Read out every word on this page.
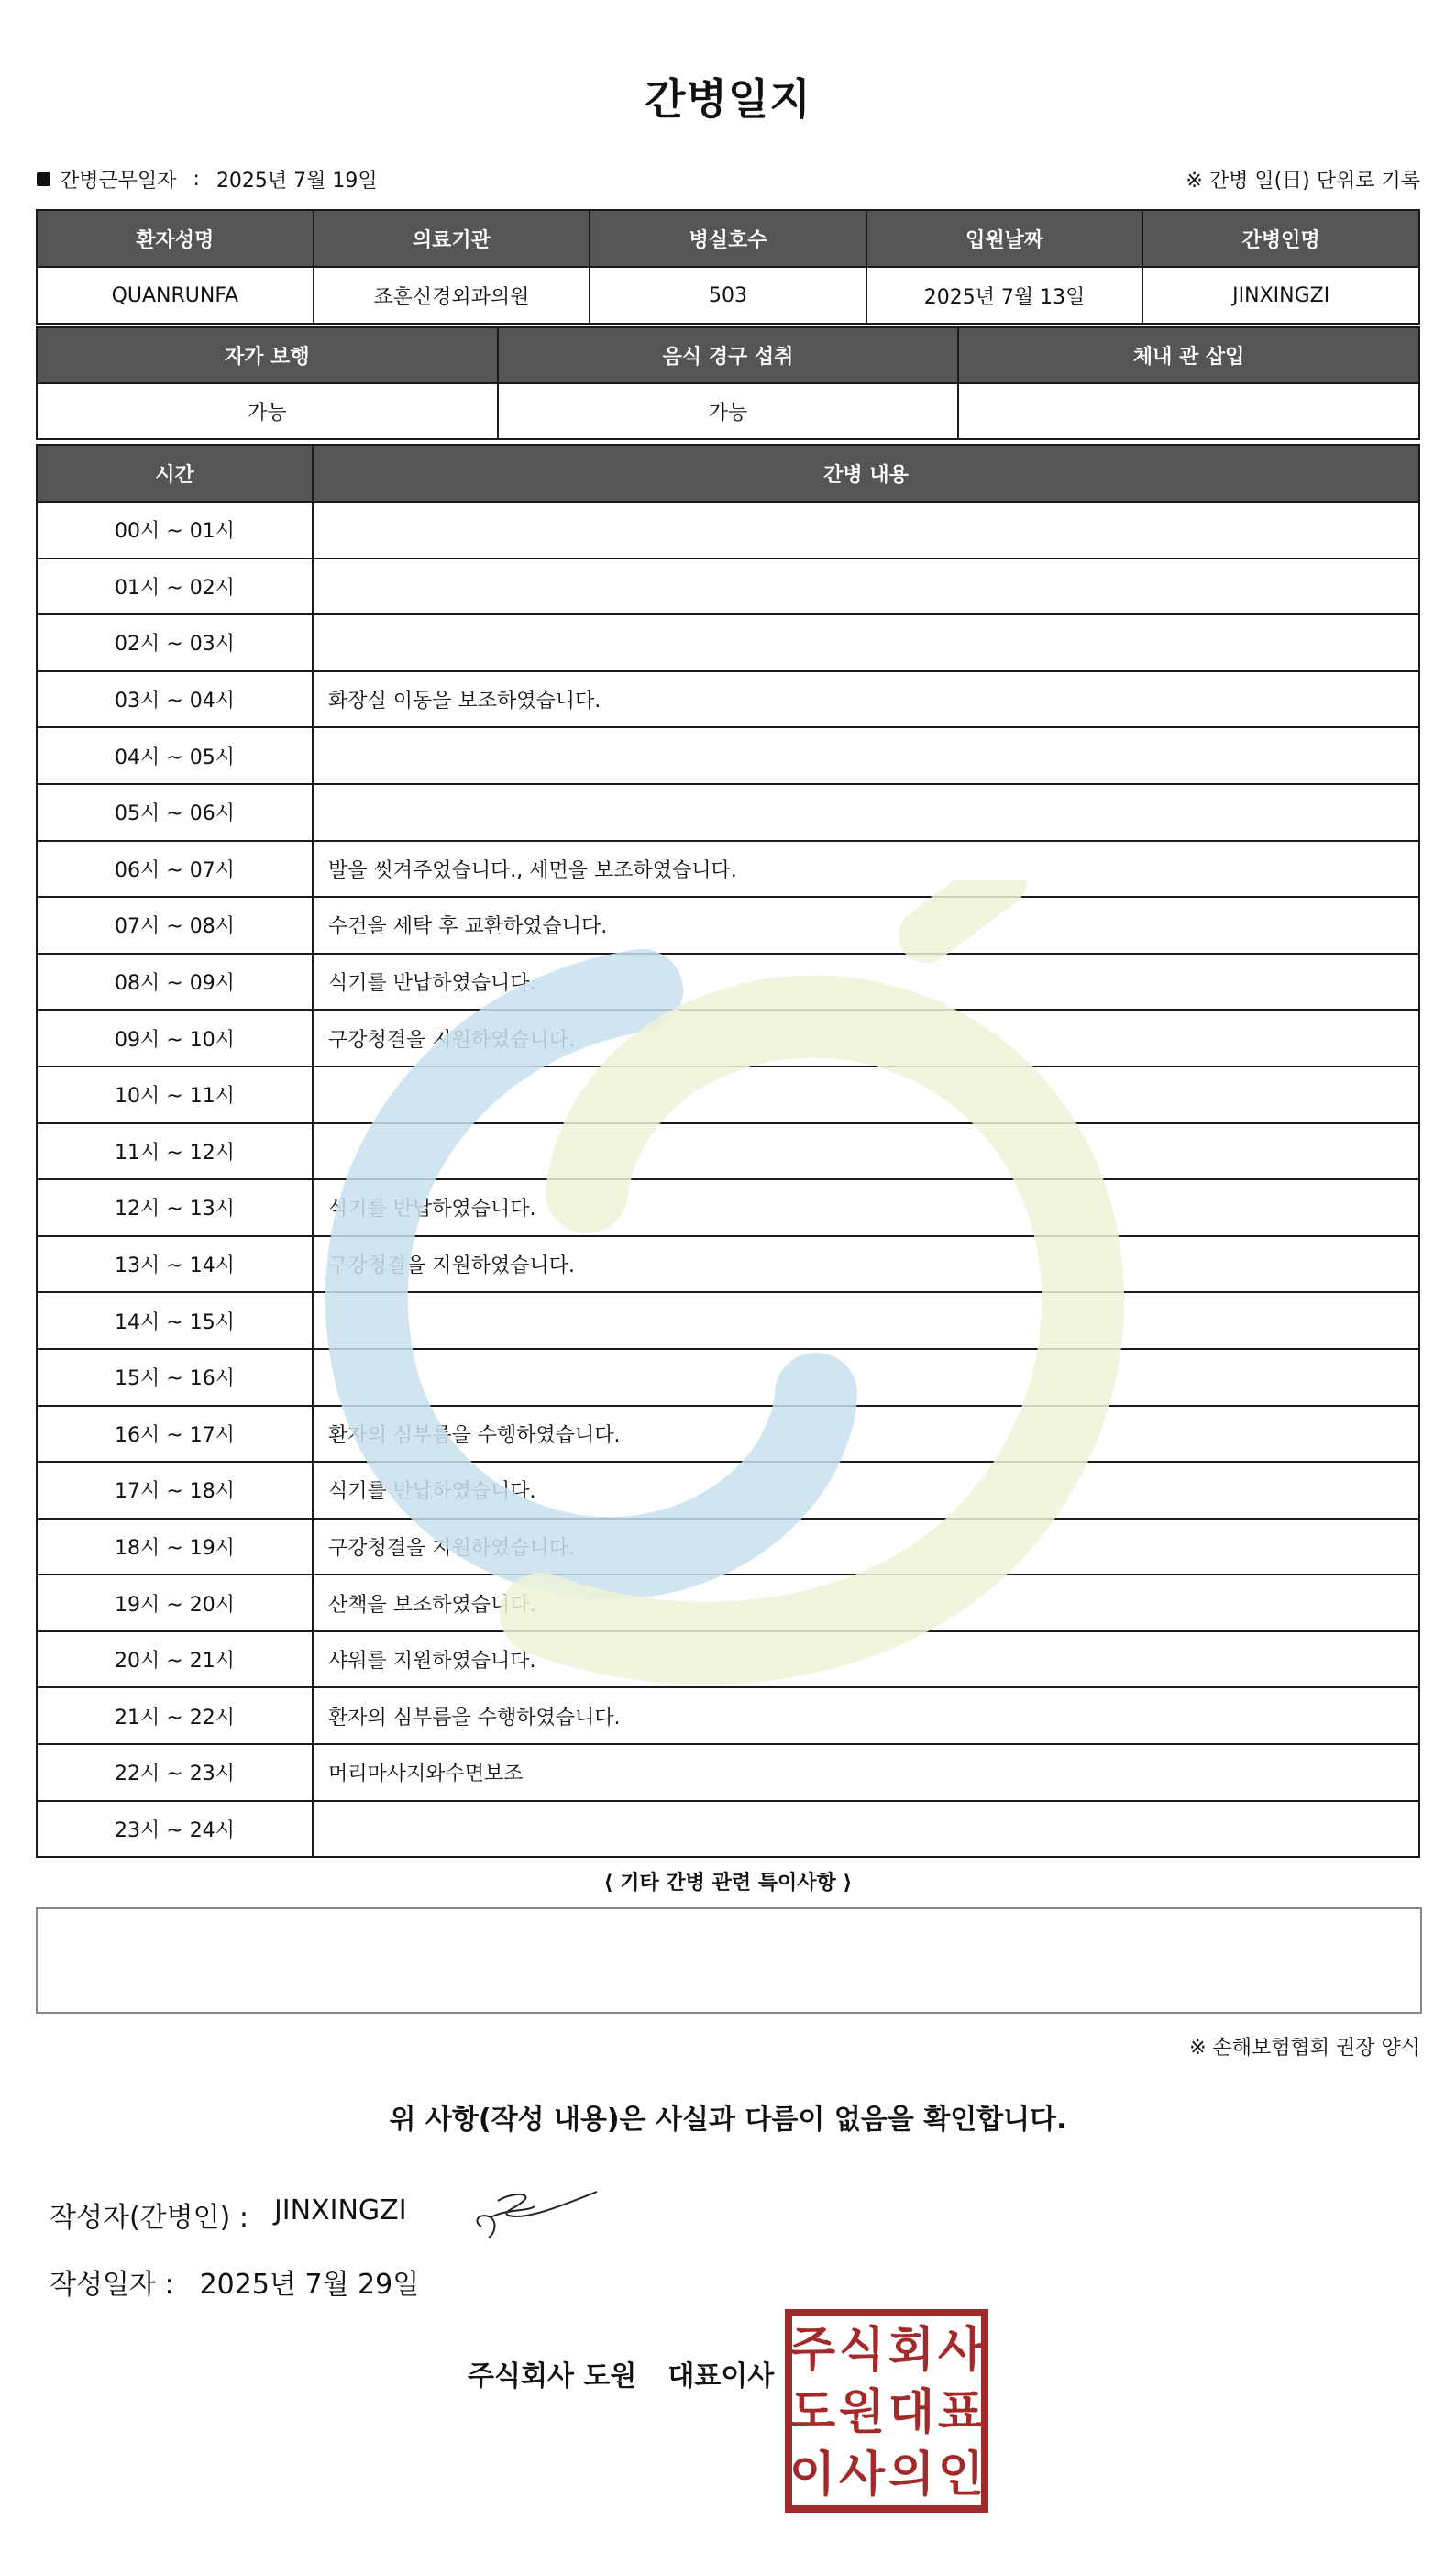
간병일지
간병근무일자 : 2025년 7월 19일	※ 간병 일(日) 단위로 기록
환자성명	의료기관	병실호수	입원날짜	간병인명
QUANRUNFA	죠훈신경외과의원	503	2025년 7월 13일	JINXINGZI
자가 보행	음식 경구 섭취	체내 관 삽입
가능	가능	
시간	간병 내용
00시 ~ 01시	
01시 ~ 02시	
02시 ~ 03시	
03시 ~ 04시	화장실 이동을 보조하였습니다.
04시 ~ 05시	
05시 ~ 06시	
06시 ~ 07시	발을 씻겨주었습니다., 세면을 보조하였습니다.
07시 ~ 08시	수건을 세탁 후 교환하였습니다.
08시 ~ 09시	식기를 반납하였습니다.
09시 ~ 10시	구강청결을 지원하였습니다.
10시 ~ 11시	
11시 ~ 12시	
12시 ~ 13시	식기를 반납하였습니다.
13시 ~ 14시	구강청결을 지원하였습니다.
14시 ~ 15시	
15시 ~ 16시	
16시 ~ 17시	환자의 심부름을 수행하였습니다.
17시 ~ 18시	식기를 반납하였습니다.
18시 ~ 19시	구강청결을 지원하였습니다.
19시 ~ 20시	산책을 보조하였습니다.
20시 ~ 21시	샤워를 지원하였습니다.
21시 ~ 22시	환자의 심부름을 수행하였습니다.
22시 ~ 23시	머리마사지와수면보조
23시 ~ 24시	
⟨ 기타 간병 관련 특이사항 ⟩
※ 손해보험협회 권장 양식
위 사항(작성 내용)은 사실과 다름이 없음을 확인합니다.
작성자(간병인) : JINXINGZI
작성일자 : 2025년 7월 29일
주식회사 도원 대표이사 주 식 회 사
도 원 대 표
이 사 의 인
